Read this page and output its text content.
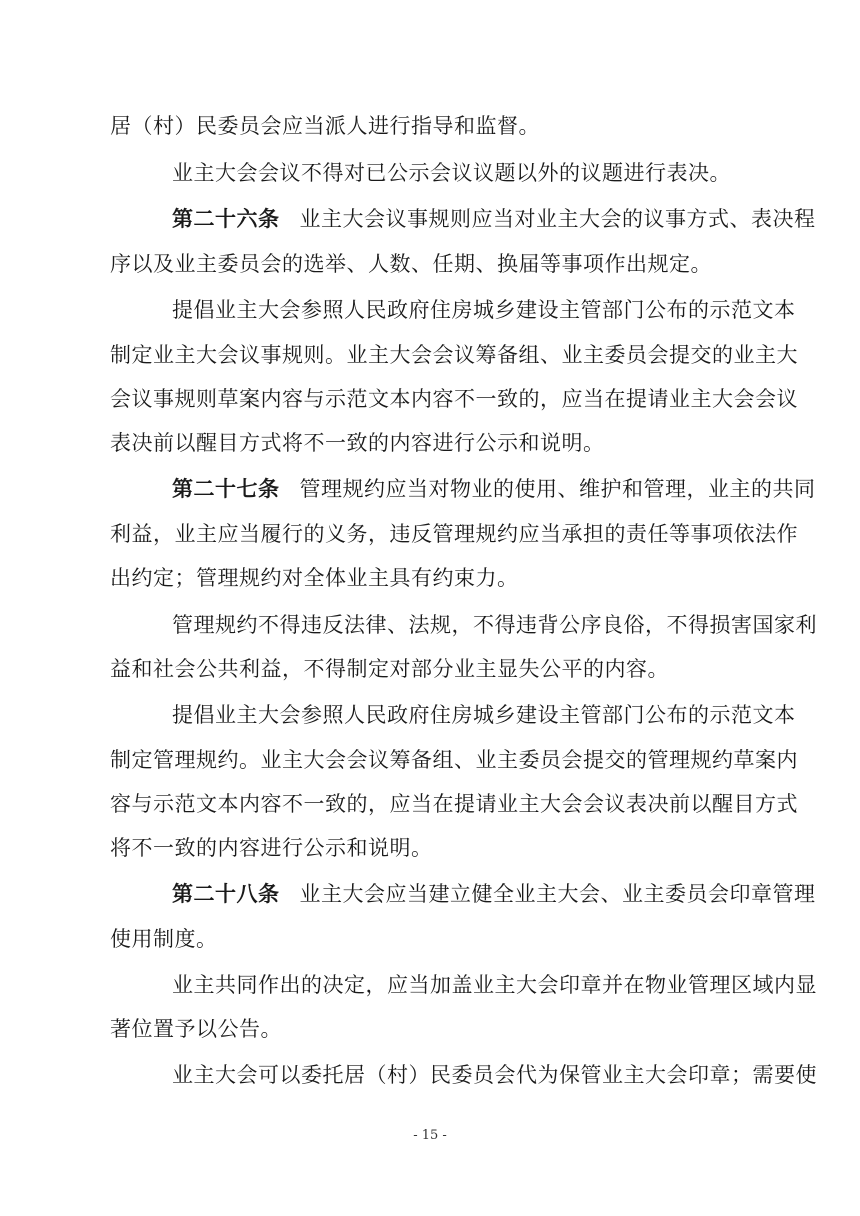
居（村）民委员会应当派人进行指导和监督。
业主大会会议不得对已公示会议议题以外的议题进行表决。
第二十六条 业主大会议事规则应当对业主大会的议事方式、表决程
序以及业主委员会的选举、人数、任期、换届等事项作出规定。
提倡业主大会参照人民政府住房城乡建设主管部门公布的示范文本
制定业主大会议事规则。业主大会会议筹备组、业主委员会提交的业主大
会议事规则草案内容与示范文本内容不一致的，应当在提请业主大会会议
表决前以醒目方式将不一致的内容进行公示和说明。
第二十七条 管理规约应当对物业的使用、维护和管理，业主的共同
利益，业主应当履行的义务，违反管理规约应当承担的责任等事项依法作
出约定；管理规约对全体业主具有约束力。
管理规约不得违反法律、法规，不得违背公序良俗，不得损害国家利
益和社会公共利益，不得制定对部分业主显失公平的内容。
提倡业主大会参照人民政府住房城乡建设主管部门公布的示范文本
制定管理规约。业主大会会议筹备组、业主委员会提交的管理规约草案内
容与示范文本内容不一致的，应当在提请业主大会会议表决前以醒目方式
将不一致的内容进行公示和说明。
第二十八条 业主大会应当建立健全业主大会、业主委员会印章管理
使用制度。
业主共同作出的决定，应当加盖业主大会印章并在物业管理区域内显
著位置予以公告。
业主大会可以委托居（村）民委员会代为保管业主大会印章；需要使
- 15 -
